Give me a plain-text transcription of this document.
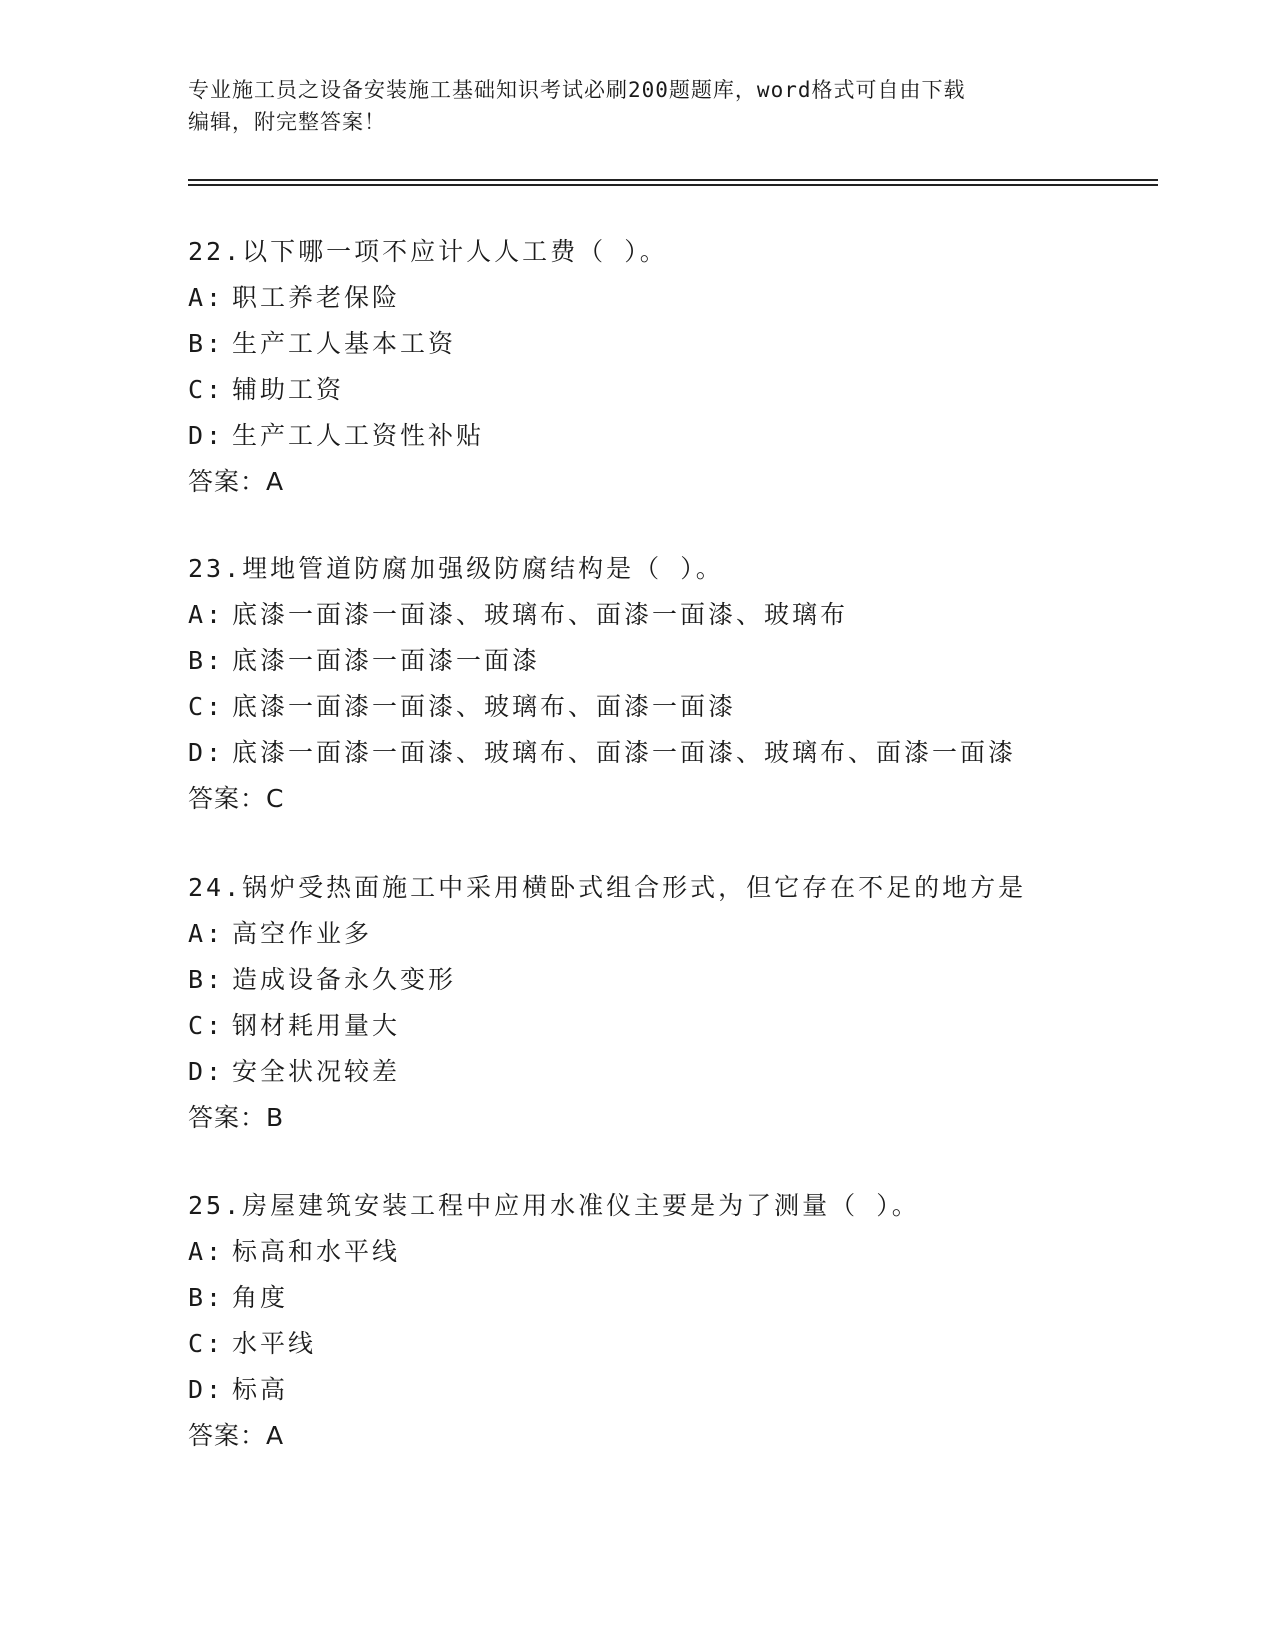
专业施工员之设备安装施工基础知识考试必刷200题题库，word格式可自由下载

编辑，附完整答案！

22.以下哪一项不应计人人工费（ ）。
A: 职工养老保险
B: 生产工人基本工资
C: 辅助工资
D: 生产工人工资性补贴
答案：A
23.埋地管道防腐加强级防腐结构是（ ）。
A: 底漆一面漆一面漆、玻璃布、面漆一面漆、玻璃布
B: 底漆一面漆一面漆一面漆
C: 底漆一面漆一面漆、玻璃布、面漆一面漆
D: 底漆一面漆一面漆、玻璃布、面漆一面漆、玻璃布、面漆一面漆
答案：C
24.锅炉受热面施工中采用横卧式组合形式，但它存在不足的地方是
A: 高空作业多
B: 造成设备永久变形
C: 钢材耗用量大
D: 安全状况较差
答案：B
25.房屋建筑安装工程中应用水准仪主要是为了测量（ ）。
A: 标高和水平线
B: 角度
C: 水平线
D: 标高
答案：A
